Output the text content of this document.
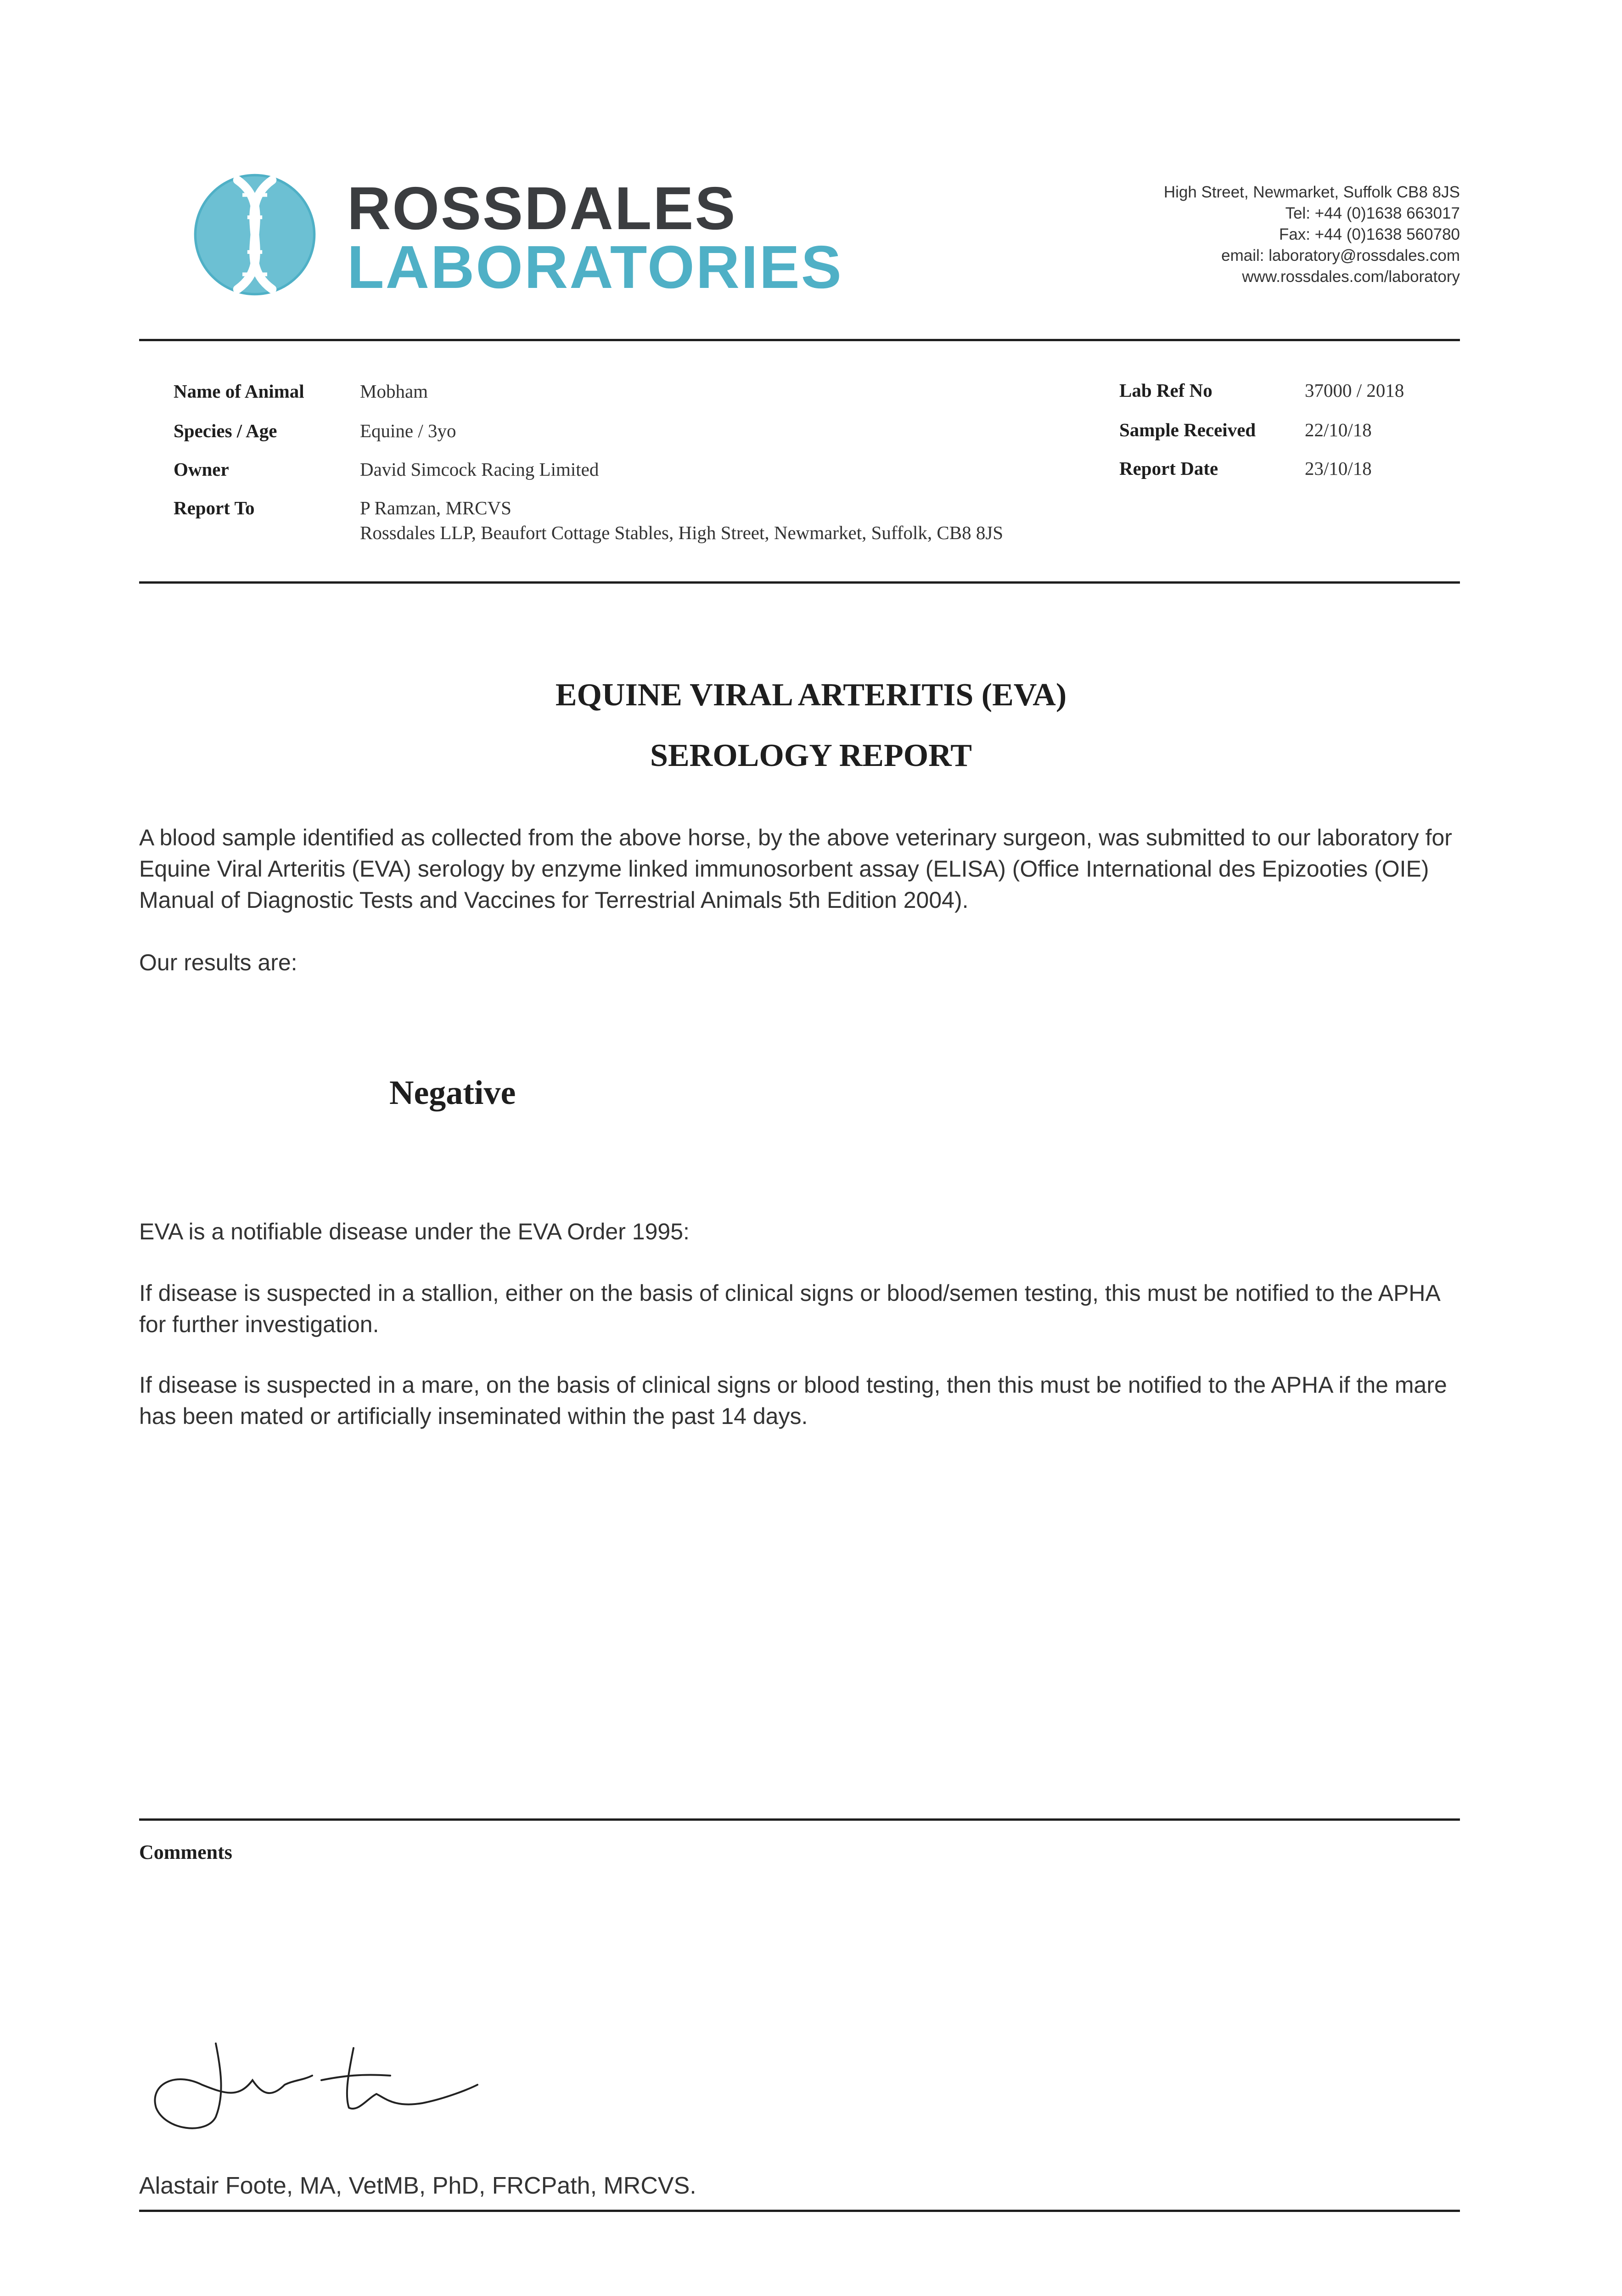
ROSSDALES
LABORATORIES
High Street, Newmarket, Suffolk CB8 8JS
Tel: +44 (0)1638 663017
Fax: +44 (0)1638 560780
email: laboratory@rossdales.com
www.rossdales.com/laboratory
Name of Animal	Mobham
Species / Age	Equine / 3yo
Owner	David Simcock Racing Limited
Report To	P Ramzan, MRCVS
Rossdales LLP, Beaufort Cottage Stables, High Street, Newmarket, Suffolk, CB8 8JS
Lab Ref No	37000 / 2018
Sample Received	22/10/18
Report Date	23/10/18
EQUINE VIRAL ARTERITIS (EVA)
SEROLOGY REPORT
A blood sample identified as collected from the above horse, by the above veterinary surgeon, was submitted to our laboratory for Equine Viral Arteritis (EVA) serology by enzyme linked immunosorbent assay (ELISA) (Office International des Epizooties (OIE) Manual of Diagnostic Tests and Vaccines for Terrestrial Animals 5th Edition 2004).
Our results are:
Negative
EVA is a notifiable disease under the EVA Order 1995:
If disease is suspected in a stallion, either on the basis of clinical signs or blood/semen testing, this must be notified to the APHA for further investigation.
If disease is suspected in a mare, on the basis of clinical signs or blood testing, then this must be notified to the APHA if the mare has been mated or artificially inseminated within the past 14 days.
Comments
Alastair Foote, MA, VetMB, PhD, FRCPath, MRCVS.
